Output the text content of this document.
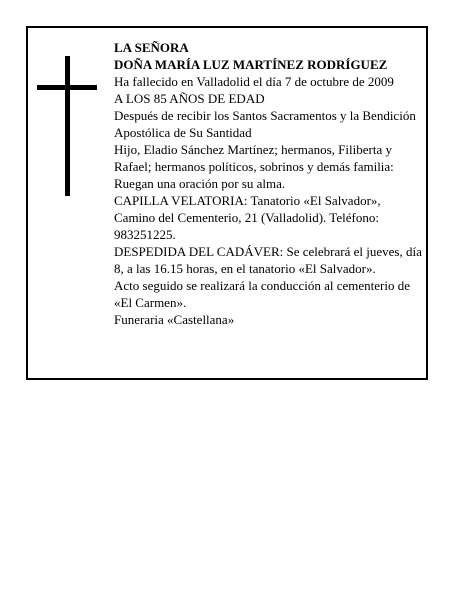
LA SEÑORA

DOÑA MARÍA LUZ MARTÍNEZ RODRÍGUEZ

Ha fallecido en Valladolid el día 7 de octubre de 2009

A LOS 85 AÑOS DE EDAD

Después de recibir los Santos Sacramentos y la Bendición Apostólica de Su Santidad

Hijo, Eladio Sánchez Martínez; hermanos, Filiberta y Rafael; hermanos políticos, sobrinos y demás familia:

Ruegan una oración por su alma.

CAPILLA VELATORIA: Tanatorio «El Salvador», Camino del Cementerio, 21 (Valladolid). Teléfono: 983251225.

DESPEDIDA DEL CADÁVER: Se celebrará el jueves, día 8, a las 16.15 horas, en el tanatorio «El Salvador».

Acto seguido se realizará la conducción al cementerio de «El Carmen».

Funeraria «Castellana»
